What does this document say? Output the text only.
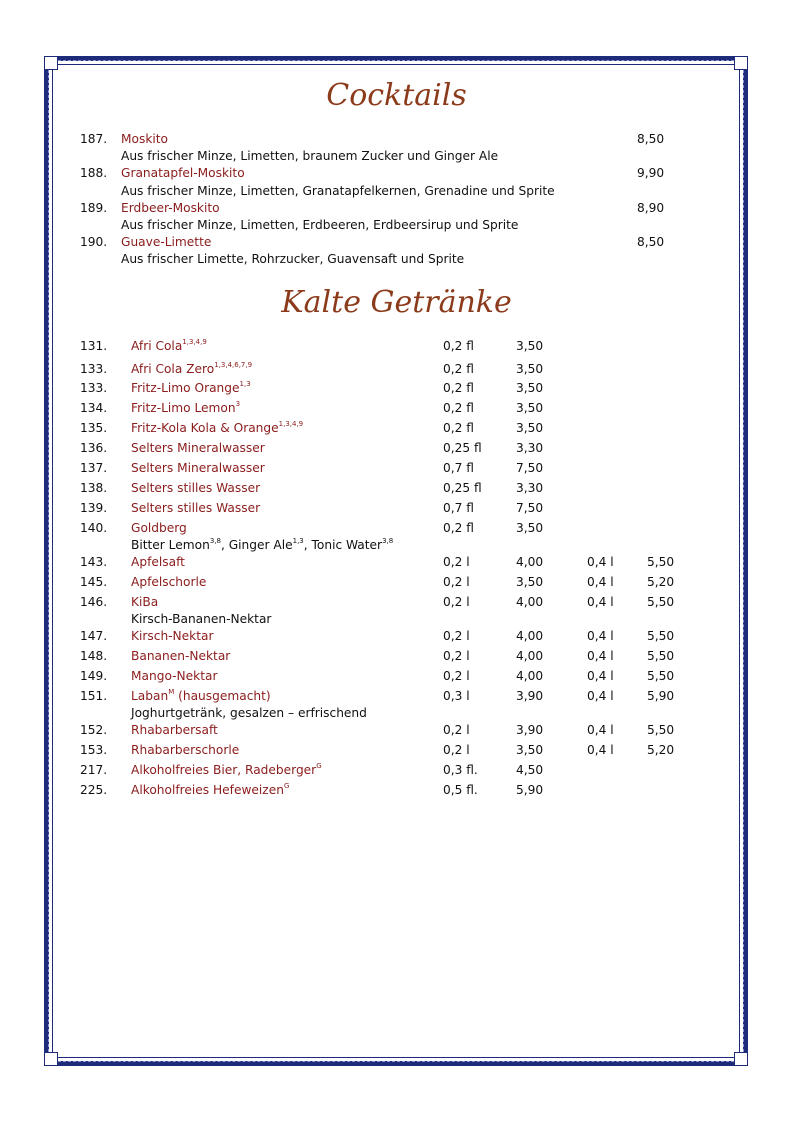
Cocktails
187. Moskito	8,50
Aus frischer Minze, Limetten, braunem Zucker und Ginger Ale
188. Granatapfel-Moskito	9,90
Aus frischer Minze, Limetten, Granatapfelkernen, Grenadine und Sprite
189. Erdbeer-Moskito	8,90
Aus frischer Minze, Limetten, Erdbeeren, Erdbeersirup und Sprite
190. Guave-Limette	8,50
Aus frischer Limette, Rohrzucker, Guavensaft und Sprite
Kalte Getränke
131. Afri Cola$^{1,3,4,9}$	0,2 fl	3,50
133. Afri Cola Zero$^{1,3,4,6,7,9}$	0,2 fl	3,50
133. Fritz-Limo Orange$^{1,3}$	0,2 fl	3,50
134. Fritz-Limo Lemon$^3$	0,2 fl	3,50
135. Fritz-Kola Kola & Orange$^{1,3,4,9}$	0,2 fl	3,50
136. Selters Mineralwasser	0,25 fl	3,30
137. Selters Mineralwasser	0,7 fl	7,50
138. Selters stilles Wasser	0,25 fl	3,30
139. Selters stilles Wasser	0,7 fl	7,50
140. Goldberg	0,2 fl	3,50
Bitter Lemon$^{3,8}$, Ginger Ale$^{1,3}$, Tonic Water$^{3,8}$
143. Apfelsaft	0,2 l	4,00	0,4 l	5,50
145. Apfelschorle	0,2 l	3,50	0,4 l	5,20
146. KiBa	0,2 l	4,00	0,4 l	5,50
Kirsch-Bananen-Nektar
147. Kirsch-Nektar	0,2 l	4,00	0,4 l	5,50
148. Bananen-Nektar	0,2 l	4,00	0,4 l	5,50
149. Mango-Nektar	0,2 l	4,00	0,4 l	5,50
151. Laban$^M$ (hausgemacht)	0,3 l	3,90	0,4 l	5,90
Joghurtgetränk, gesalzen – erfrischend
152. Rhabarbersaft	0,2 l	3,90	0,4 l	5,50
153. Rhabarberschorle	0,2 l	3,50	0,4 l	5,20
217. Alkoholfreies Bier, Radeberger$^G$	0,3 fl.	4,50
225. Alkoholfreies Hefeweizen$^G$	0,5 fl.	5,90
